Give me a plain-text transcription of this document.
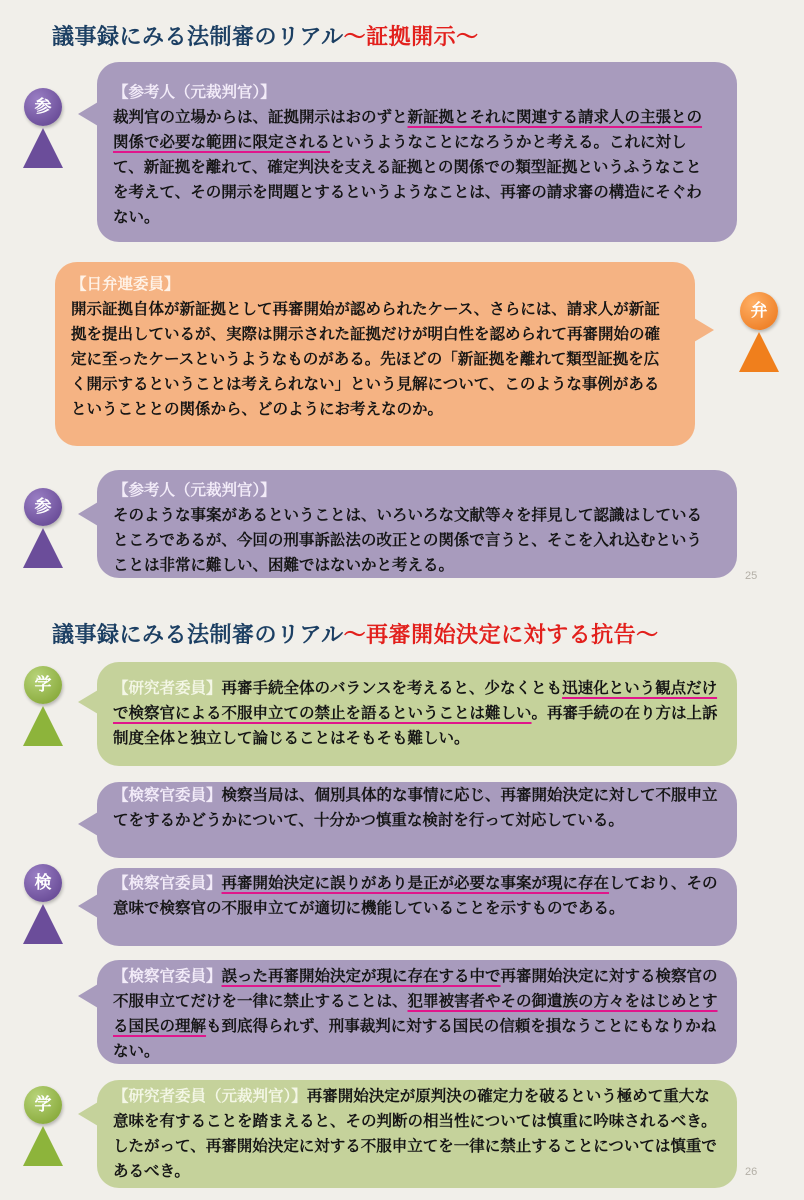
議事録にみる法制審のリアル〜証拠開示〜
参
【参考人（元裁判官）】
裁判官の立場からは、証拠開示はおのずと新証拠とそれに関連する請求人の主張との関係で必要な範囲に限定されるというようなことになろうかと考える。これに対して、新証拠を離れて、確定判決を支える証拠との関係での類型証拠というふうなことを考えて、その開示を問題とするというようなことは、再審の請求審の構造にそぐわない。
【日弁連委員】
開示証拠自体が新証拠として再審開始が認められたケース、さらには、請求人が新証拠を提出しているが、実際は開示された証拠だけが明白性を認められて再審開始の確定に至ったケースというようなものがある。先ほどの「新証拠を離れて類型証拠を広く開示するということは考えられない」という見解について、このような事例があるということとの関係から、どのようにお考えなのか。
弁
参
【参考人（元裁判官）】
そのような事案があるということは、いろいろな文献等々を拝見して認識はしているところであるが、今回の刑事訴訟法の改正との関係で言うと、そこを入れ込むということは非常に難しい、困難ではないかと考える。
25
議事録にみる法制審のリアル〜再審開始決定に対する抗告〜
学	【研究者委員】再審手続全体のバランスを考えると、少なくとも迅速化という観点だけで検察官による不服申立ての禁止を語るということは難しい。再審手続の在り方は上訴制度全体と独立して論じることはそもそも難しい。
【検察官委員】検察当局は、個別具体的な事情に応じ、再審開始決定に対して不服申立てをするかどうかについて、十分かつ慎重な検討を行って対応している。
検	【検察官委員】再審開始決定に誤りがあり是正が必要な事案が現に存在しており、その意味で検察官の不服申立てが適切に機能していることを示すものである。
【検察官委員】誤った再審開始決定が現に存在する中で再審開始決定に対する検察官の不服申立てだけを一律に禁止することは、犯罪被害者やその御遺族の方々をはじめとする国民の理解も到底得られず、刑事裁判に対する国民の信頼を損なうことにもなりかねない。
学	【研究者委員（元裁判官）】再審開始決定が原判決の確定力を破るという極めて重大な意味を有することを踏まえると、その判断の相当性については慎重に吟味されるべき。したがって、再審開始決定に対する不服申立てを一律に禁止することについては慎重であるべき。	26
